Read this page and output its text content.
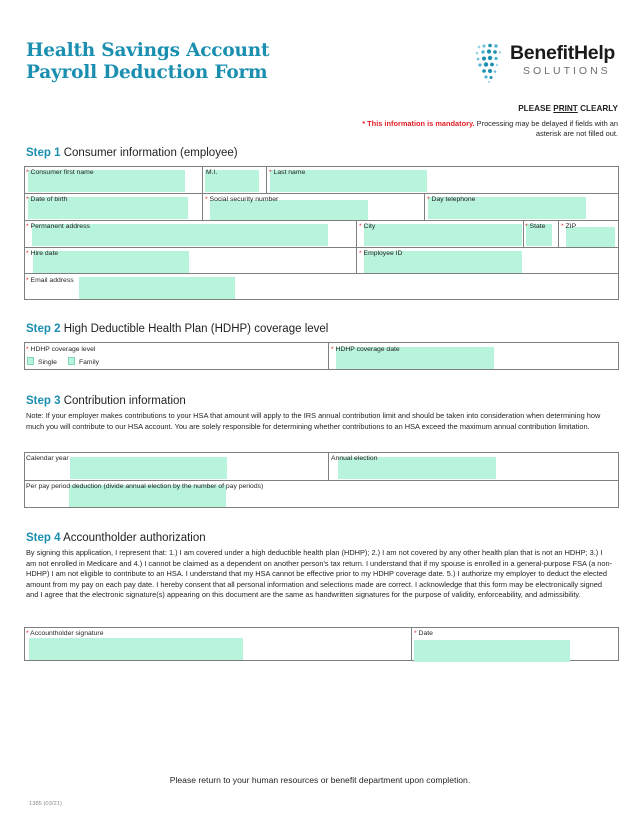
Health Savings Account
Payroll Deduction Form
BenefitHelp
SOLUTIONS
PLEASE PRINT CLEARLY
* This information is mandatory. Processing may be delayed if fields with an asterisk are not filled out.
Step 1 Consumer information (employee)
* Consumer first name	M.I.	* Last name
* Date of birth	* Social security number	* Day telephone
* Permanent address	* City	* State * ZIP
* Hire date	* Employee ID
* Email address
Step 2 High Deductible Health Plan (HDHP) coverage level
* HDHP coverage level
Single	Family
* HDHP coverage date
Step 3 Contribution information
Note: If your employer makes contributions to your HSA that amount will apply to the IRS annual contribution limit and should be taken into consideration when determining how much you will contribute to our HSA account. You are solely responsible for determining whether contributions to an HSA exceed the maximum annual contribution limitation.
Calendar year	Annual election
Per pay period deduction (divide annual election by the number of pay periods)
Step 4 Accountholder authorization
By signing this application, I represent that: 1.) I am covered under a high deductible health plan (HDHP); 2.) I am not covered by any other health plan that is not an HDHP; 3.) I am not enrolled in Medicare and 4.) I cannot be claimed as a dependent on another person's tax return. I understand that if my spouse is enrolled in a general-purpose FSA (a non-HDHP) I am not eligible to contribute to an HSA. I understand that my HSA cannot be effective prior to my HDHP coverage date. 5.) I authorize my employer to deduct the elected amount from my pay on each pay date. I hereby consent that all personal information and selections made are correct. I acknowledge that this form may be electronically signed and I agree that the electronic signature(s) appearing on this document are the same as handwritten signatures for the purpose of validity, enforceability, and admissibility.
* Accountholder signature	* Date
Please return to your human resources or benefit department upon completion.
1385 (03/21)
